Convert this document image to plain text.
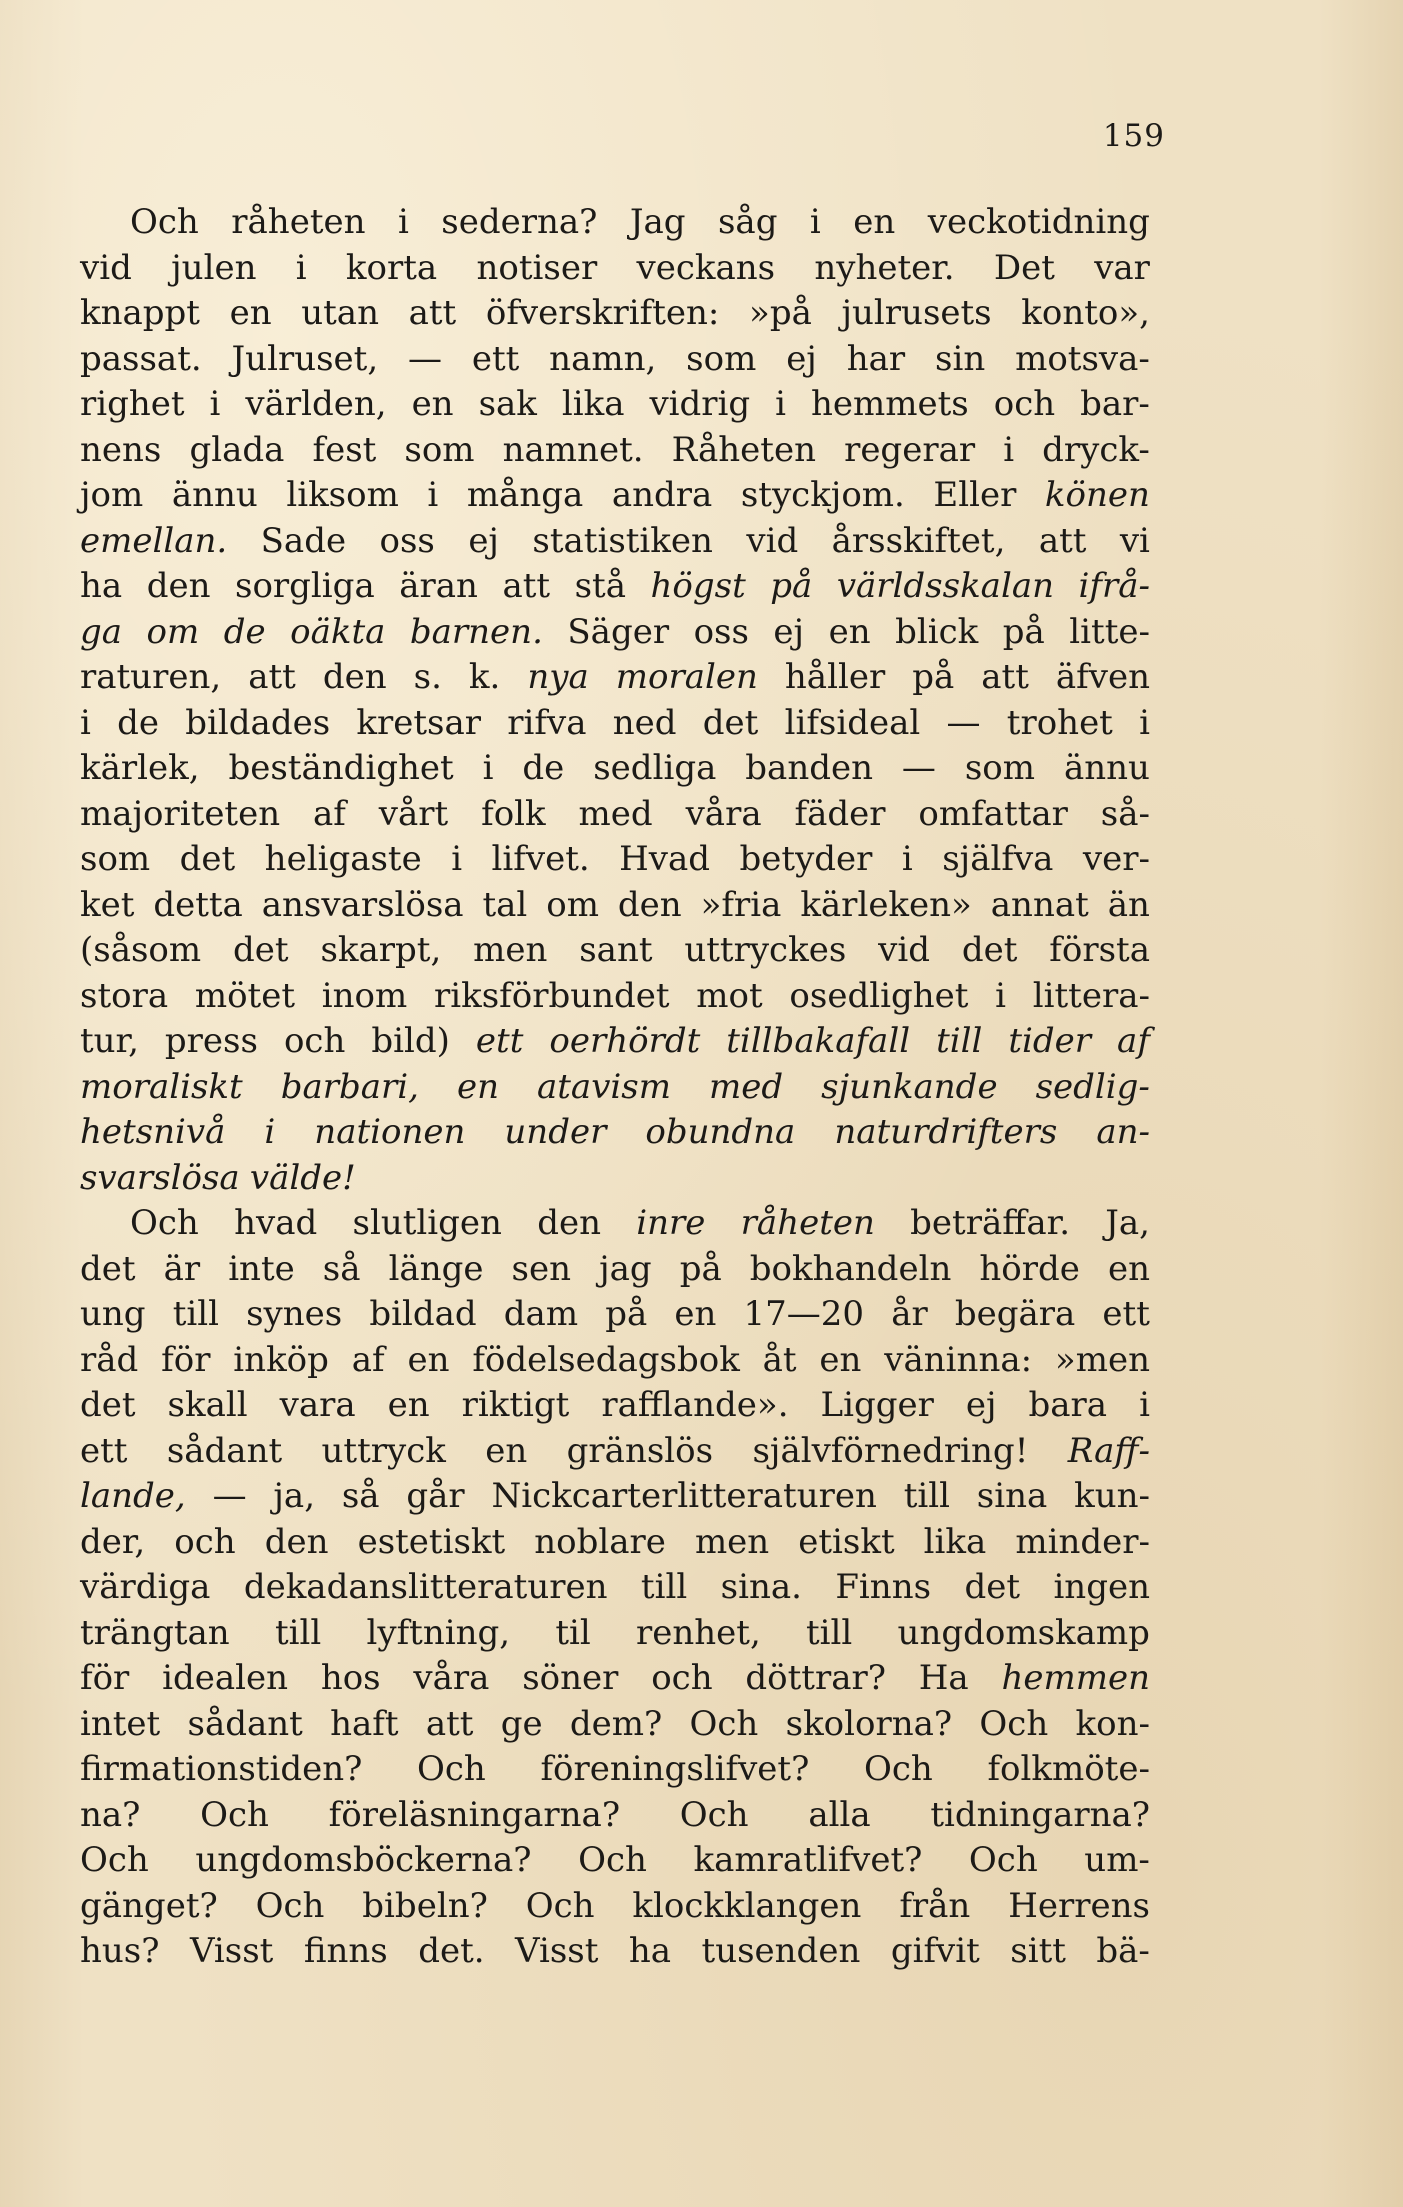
159
Och råheten i sederna? Jag såg i en veckotidning
vid julen i korta notiser veckans nyheter. Det var
knappt en utan att öfverskriften: »på julrusets konto»,
passat. Julruset, — ett namn, som ej har sin motsva-
righet i världen, en sak lika vidrig i hemmets och bar-
nens glada fest som namnet. Råheten regerar i dryck-
jom ännu liksom i många andra styckjom. Eller könen
emellan. Sade oss ej statistiken vid årsskiftet, att vi
ha den sorgliga äran att stå högst på världsskalan ifrå-
ga om de oäkta barnen. Säger oss ej en blick på litte-
raturen, att den s. k. nya moralen håller på att äfven
i de bildades kretsar rifva ned det lifsideal — trohet i
kärlek, beständighet i de sedliga banden — som ännu
majoriteten af vårt folk med våra fäder omfattar så-
som det heligaste i lifvet. Hvad betyder i själfva ver-
ket detta ansvarslösa tal om den »fria kärleken» annat än
(såsom det skarpt, men sant uttryckes vid det första
stora mötet inom riksförbundet mot osedlighet i littera-
tur, press och bild) ett oerhördt tillbakafall till tider af
moraliskt barbari, en atavism med sjunkande sedlig-
hetsnivå i nationen under obundna naturdrifters an-
svarslösa välde!
Och hvad slutligen den inre råheten beträffar. Ja,
det är inte så länge sen jag på bokhandeln hörde en
ung till synes bildad dam på en 17—20 år begära ett
råd för inköp af en födelsedagsbok åt en väninna: »men
det skall vara en riktigt rafflande». Ligger ej bara i
ett sådant uttryck en gränslös självförnedring! Raff-
lande, — ja, så går Nickcarterlitteraturen till sina kun-
der, och den estetiskt noblare men etiskt lika minder-
värdiga dekadanslitteraturen till sina. Finns det ingen
trängtan till lyftning, til renhet, till ungdomskamp
för idealen hos våra söner och döttrar? Ha hemmen
intet sådant haft att ge dem? Och skolorna? Och kon-
firmationstiden? Och föreningslifvet? Och folkmöte-
na? Och föreläsningarna? Och alla tidningarna?
Och ungdomsböckerna? Och kamratlifvet? Och um-
gänget? Och bibeln? Och klockklangen från Herrens
hus? Visst finns det. Visst ha tusenden gifvit sitt bä-
